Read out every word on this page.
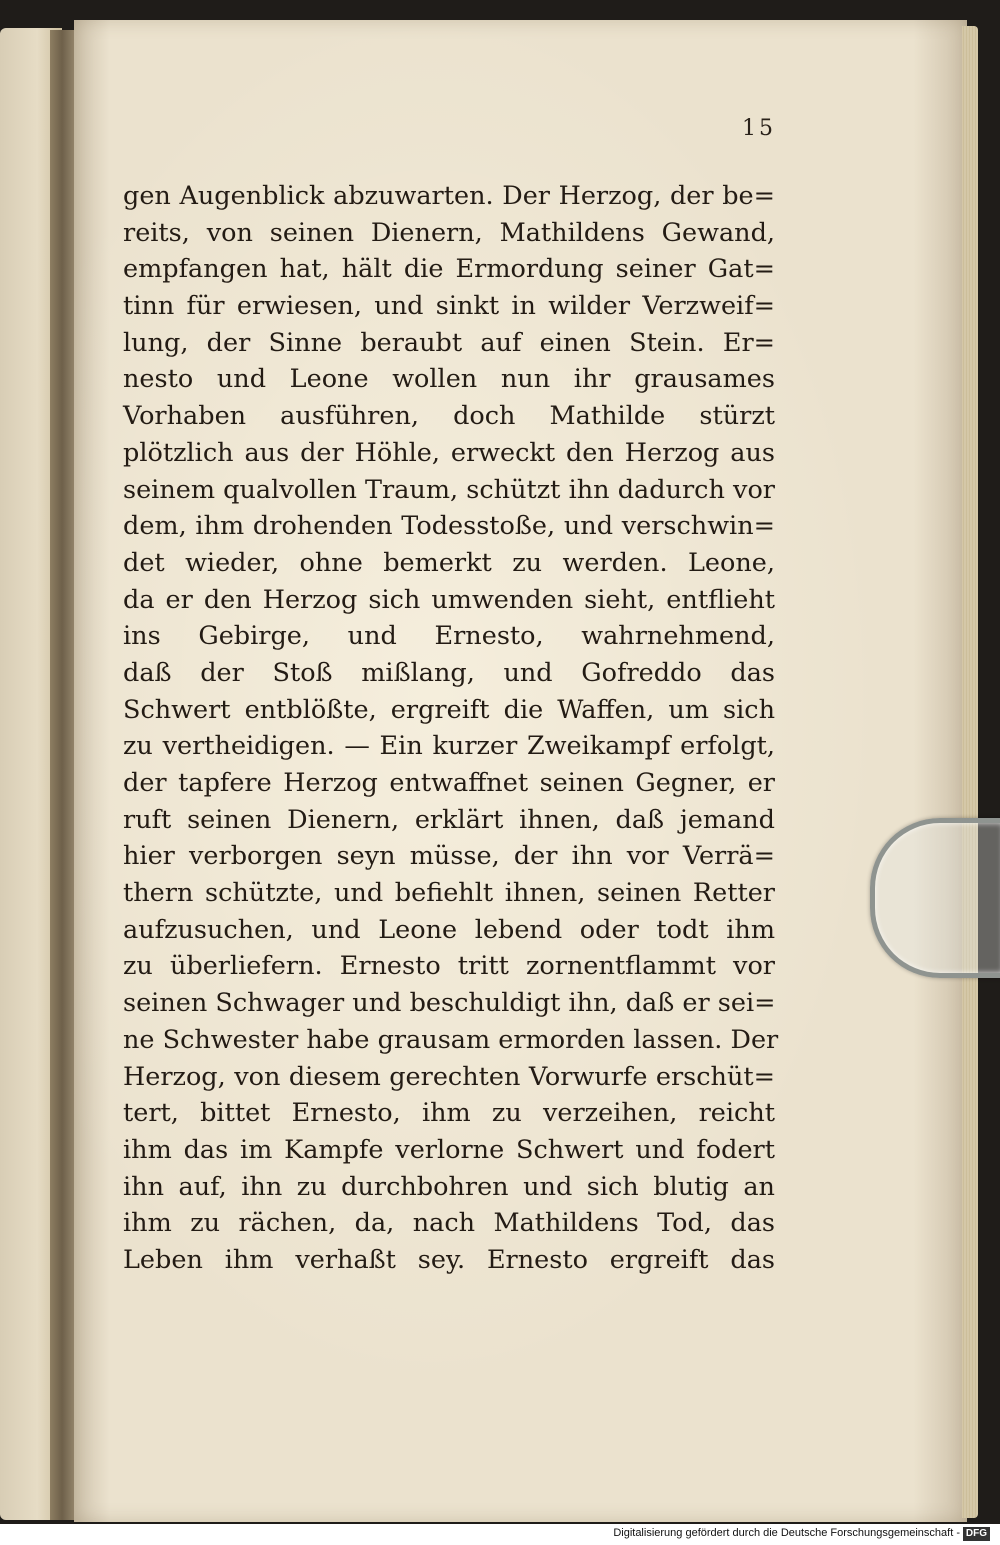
15
gen Augenblick abzuwarten. Der Herzog, der be=
reits, von seinen Dienern, Mathildens Gewand,
empfangen hat, hält die Ermordung seiner Gat=
tinn für erwiesen, und sinkt in wilder Verzweif=
lung, der Sinne beraubt auf einen Stein. Er=
nesto und Leone wollen nun ihr grausames
Vorhaben ausführen, doch Mathilde stürzt
plötzlich aus der Höhle, erweckt den Herzog aus
seinem qualvollen Traum, schützt ihn dadurch vor
dem, ihm drohenden Todesstoße, und verschwin=
det wieder, ohne bemerkt zu werden. Leone,
da er den Herzog sich umwenden sieht, entflieht
ins Gebirge, und Ernesto, wahrnehmend,
daß der Stoß mißlang, und Gofreddo das
Schwert entblößte, ergreift die Waffen, um sich
zu vertheidigen. — Ein kurzer Zweikampf erfolgt,
der tapfere Herzog entwaffnet seinen Gegner, er
ruft seinen Dienern, erklärt ihnen, daß jemand
hier verborgen seyn müsse, der ihn vor Verrä=
thern schützte, und befiehlt ihnen, seinen Retter
aufzusuchen, und Leone lebend oder todt ihm
zu überliefern. Ernesto tritt zornentflammt vor
seinen Schwager und beschuldigt ihn, daß er sei=
ne Schwester habe grausam ermorden lassen. Der
Herzog, von diesem gerechten Vorwurfe erschüt=
tert, bittet Ernesto, ihm zu verzeihen, reicht
ihm das im Kampfe verlorne Schwert und fodert
ihn auf, ihn zu durchbohren und sich blutig an
ihm zu rächen, da, nach Mathildens Tod, das
Leben ihm verhaßt sey. Ernesto ergreift das
Digitalisierung gefördert durch die Deutsche Forschungsgemeinschaft - DFG
